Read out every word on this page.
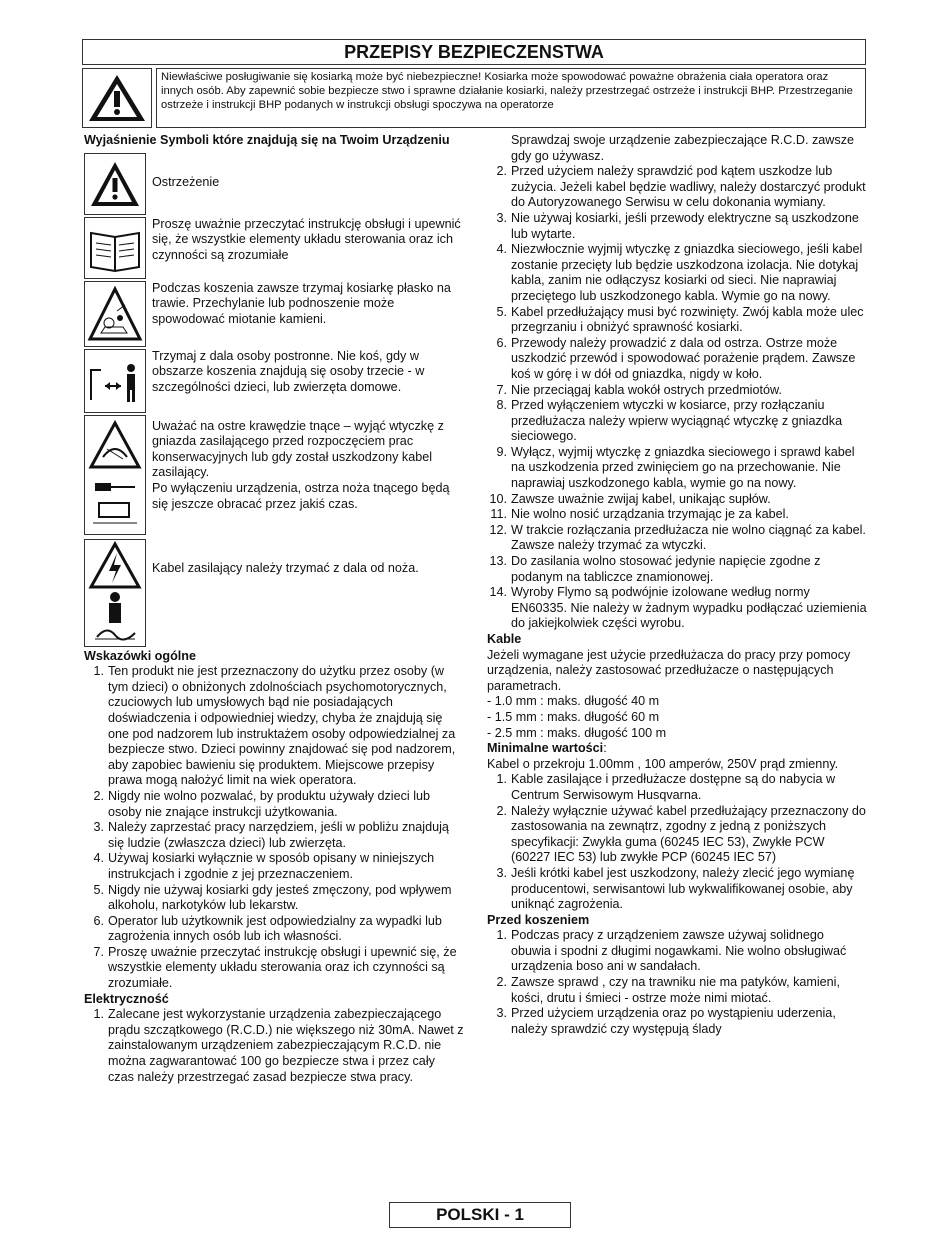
PRZEPISY BEZPIECZENSTWA
Niewłaściwe posługiwanie się kosiarką może być niebezpieczne! Kosiarka może spowodować poważne obrażenia ciała operatora oraz innych osób. Aby zapewnić sobie bezpiecze stwo i sprawne działanie kosiarki, należy przestrzegać ostrzeże i instrukcji BHP. Przestrzeganie ostrzeże i instrukcji BHP podanych w instrukcji obsługi spoczywa na operatorze
Wyjaśnienie Symboli które znajdują się na Twoim Urządzeniu
Ostrzeżenie
Proszę uważnie przeczytać instrukcję obsługi i upewnić się, że wszystkie elementy układu sterowania oraz ich czynności są zrozumiałe
Podczas koszenia zawsze trzymaj kosiarkę płasko na trawie. Przechylanie lub podnoszenie może spowodować miotanie kamieni.
Trzymaj z dala osoby postronne. Nie koś, gdy w obszarze koszenia znajdują się osoby trzecie - w szczególności dzieci, lub zwierzęta domowe.
Uważać na ostre krawędzie tnące – wyjąć wtyczkę z gniazda zasilającego przed rozpoczęciem prac konserwacyjnych lub gdy został uszkodzony kabel zasilający.
Po wyłączeniu urządzenia, ostrza noża tnącego będą się jeszcze obracać przez jakiś czas.
Kabel zasilający należy trzymać z dala od noża.
Wskazówki ogólne
1. Ten produkt nie jest przeznaczony do użytku przez osoby (w tym dzieci) o obniżonych zdolnościach psychomotorycznych, czuciowych lub umysłowych bąd nie posiadających doświadczenia i odpowiedniej wiedzy, chyba że znajdują się one pod nadzorem lub instruktażem osoby odpowiedzialnej za bezpiecze stwo. Dzieci powinny znajdować się pod nadzorem, aby zapobiec bawieniu się produktem. Miejscowe przepisy prawa mogą nałożyć limit na wiek operatora.
2. Nigdy nie wolno pozwalać, by produktu używały dzieci lub osoby nie znające instrukcji użytkowania.
3. Należy zaprzestać pracy narzędziem, jeśli w pobliżu znajdują się ludzie (zwłaszcza dzieci) lub zwierzęta.
4. Używaj kosiarki wyłącznie w sposób opisany w niniejszych instrukcjach i zgodnie z jej przeznaczeniem.
5. Nigdy nie używaj kosiarki gdy jesteś zmęczony, pod wpływem alkoholu, narkotyków lub lekarstw.
6. Operator lub użytkownik jest odpowiedzialny za wypadki lub zagrożenia innych osób lub ich własności.
7. Proszę uważnie przeczytać instrukcję obsługi i upewnić się, że wszystkie elementy układu sterowania oraz ich czynności są zrozumiałe.
Elektryczność
1. Zalecane jest wykorzystanie urządzenia zabezpieczającego prądu szczątkowego (R.C.D.) nie większego niż 30mA. Nawet z zainstalowanym urządzeniem zabezpieczającym R.C.D. nie można zagwarantować 100 go bezpiecze stwa i przez cały czas należy przestrzegać zasad bezpiecze stwa pracy.
Sprawdzaj swoje urządzenie zabezpieczające R.C.D. zawsze gdy go używasz.
2. Przed użyciem należy sprawdzić pod kątem uszkodze lub zużycia. Jeżeli kabel będzie wadliwy, należy dostarczyć produkt do Autoryzowanego Serwisu w celu dokonania wymiany.
3. Nie używaj kosiarki, jeśli przewody elektryczne są uszkodzone lub wytarte.
4. Niezwłocznie wyjmij wtyczkę z gniazdka sieciowego, jeśli kabel zostanie przecięty lub będzie uszkodzona izolacja. Nie dotykaj kabla, zanim nie odłączysz kosiarki od sieci. Nie naprawiaj przeciętego lub uszkodzonego kabla. Wymie go na nowy.
5. Kabel przedłużający musi być rozwinięty. Zwój kabla może ulec przegrzaniu i obniżyć sprawność kosiarki.
6. Przewody należy prowadzić z dala od ostrza. Ostrze może uszkodzić przewód i spowodować porażenie prądem. Zawsze koś w górę i w dół od gniazdka, nigdy w koło.
7. Nie przeciągaj kabla wokół ostrych przedmiotów.
8. Przed wyłączeniem wtyczki w kosiarce, przy rozłączaniu przedłużacza należy wpierw wyciągnąć wtyczkę z gniazdka sieciowego.
9. Wyłącz, wyjmij wtyczkę z gniazdka sieciowego i sprawd kabel na uszkodzenia przed zwinięciem go na przechowanie. Nie naprawiaj uszkodzonego kabla, wymie go na nowy.
10. Zawsze uważnie zwijaj kabel, unikając supłów.
11. Nie wolno nosić urządzania trzymając je za kabel.
12. W trakcie rozłączania przedłużacza nie wolno ciągnąć za kabel. Zawsze należy trzymać za wtyczki.
13. Do zasilania wolno stosować jedynie napięcie zgodne z podanym na tabliczce znamionowej.
14. Wyroby Flymo są podwójnie izolowane według normy EN60335. Nie należy w żadnym wypadku podłączać uziemienia do jakiejkolwiek części wyrobu.
Kable
Jeżeli wymagane jest użycie przedłużacza do pracy przy pomocy urządzenia, należy zastosować przedłużacze o następujących parametrach.
- 1.0 mm : maks. długość 40 m
- 1.5 mm : maks. długość 60 m
- 2.5 mm : maks. długość 100 m
Minimalne wartości:
Kabel o przekroju 1.00mm , 100 amperów, 250V prąd zmienny.
1. Kable zasilające i przedłużacze dostępne są do nabycia w Centrum Serwisowym Husqvarna.
2. Należy wyłącznie używać kabel przedłużający przeznaczony do zastosowania na zewnątrz, zgodny z jedną z poniższych specyfikacji: Zwykła guma (60245 IEC 53), Zwykłe PCW (60227 IEC 53) lub zwykłe PCP (60245 IEC 57)
3. Jeśli krótki kabel jest uszkodzony, należy zlecić jego wymianę producentowi, serwisantowi lub wykwalifikowanej osobie, aby uniknąć zagrożenia.
Przed koszeniem
1. Podczas pracy z urządzeniem zawsze używaj solidnego obuwia i spodni z długimi nogawkami. Nie wolno obsługiwać urządzenia boso ani w sandałach.
2. Zawsze sprawd , czy na trawniku nie ma patyków, kamieni, kości, drutu i śmieci - ostrze może nimi miotać.
3. Przed użyciem urządzenia oraz po wystąpieniu uderzenia, należy sprawdzić czy występują ślady
POLSKI - 1
